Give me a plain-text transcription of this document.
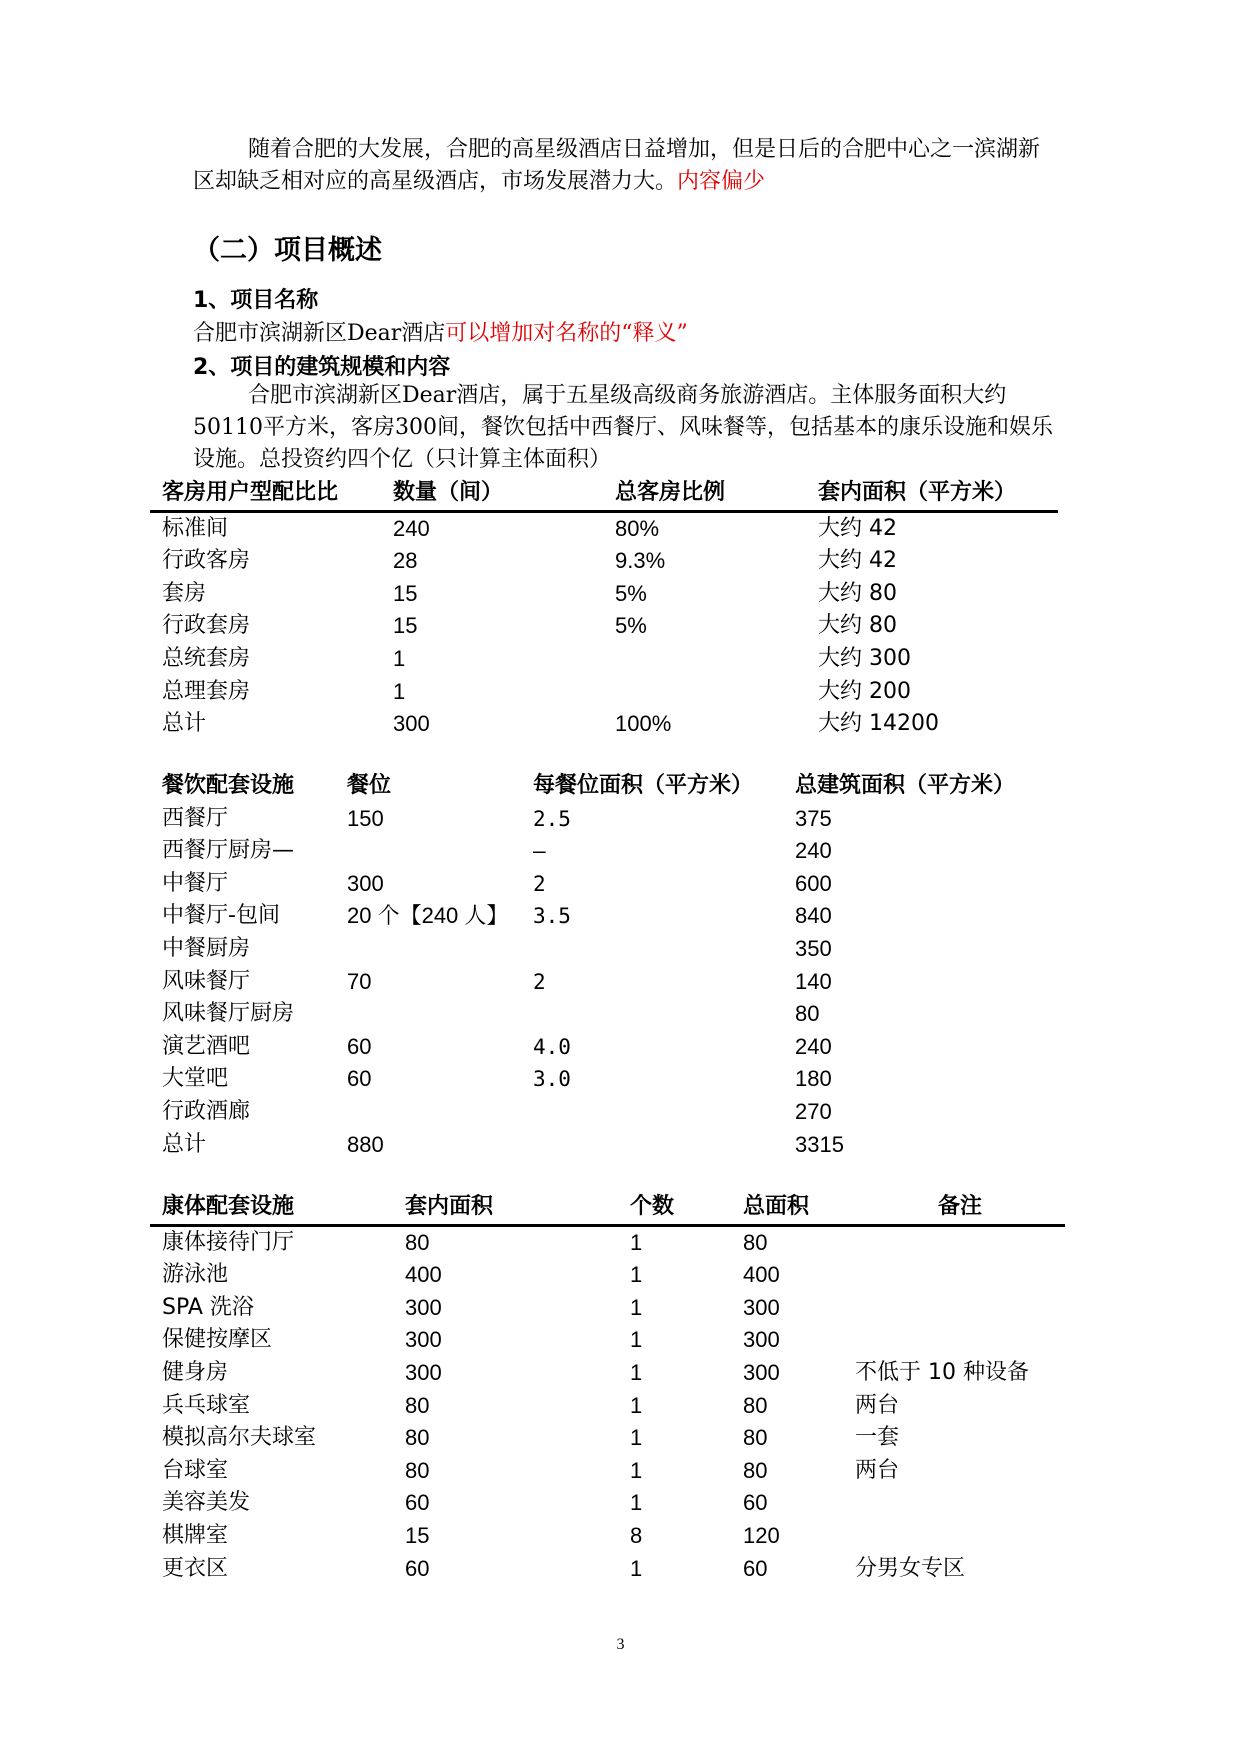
随着合肥的大发展，合肥的高星级酒店日益增加，但是日后的合肥中心之一滨湖新区却缺乏相对应的高星级酒店，市场发展潜力大。内容偏少

（二）项目概述
1、项目名称

合肥市滨湖新区Dear酒店可以增加对名称的“释义”

2、项目的建筑规模和内容

合肥市滨湖新区Dear酒店，属于五星级高级商务旅游酒店。主体服务面积大约50110平方米，客房300间，餐饮包括中西餐厅、风味餐等，包括基本的康乐设施和娱乐设施。总投资约四个亿（只计算主体面积）

客房用户型配比比	数量（间）	总客房比例	套内面积（平方米）
标准间	240	80%	大约 42
行政客房	28	9.3%	大约 42
套房	15	5%	大约 80
行政套房	15	5%	大约 80
总统套房	1		大约 300
总理套房	1		大约 200
总计	300	100%	大约 14200
餐饮配套设施	餐位	每餐位面积（平方米）	总建筑面积（平方米）
西餐厅	150	2.5	375
西餐厅厨房—		—	240
中餐厅	300	2	600
中餐厅-包间	20 个【240 人】	3.5	840
中餐厨房			350
风味餐厅	70	2	140
风味餐厅厨房			80
演艺酒吧	60	4.0	240
大堂吧	60	3.0	180
行政酒廊			270
总计	880		3315
康体配套设施	套内面积	个数	总面积	备注
康体接待门厅	80	1	80	
游泳池	400	1	400	
SPA 洗浴	300	1	300	
保健按摩区	300	1	300	
健身房	300	1	300	不低于 10 种设备
兵乓球室	80	1	80	两台
模拟高尔夫球室	80	1	80	一套
台球室	80	1	80	两台
美容美发	60	1	60	
棋牌室	15	8	120	
更衣区	60	1	60	分男女专区
3
